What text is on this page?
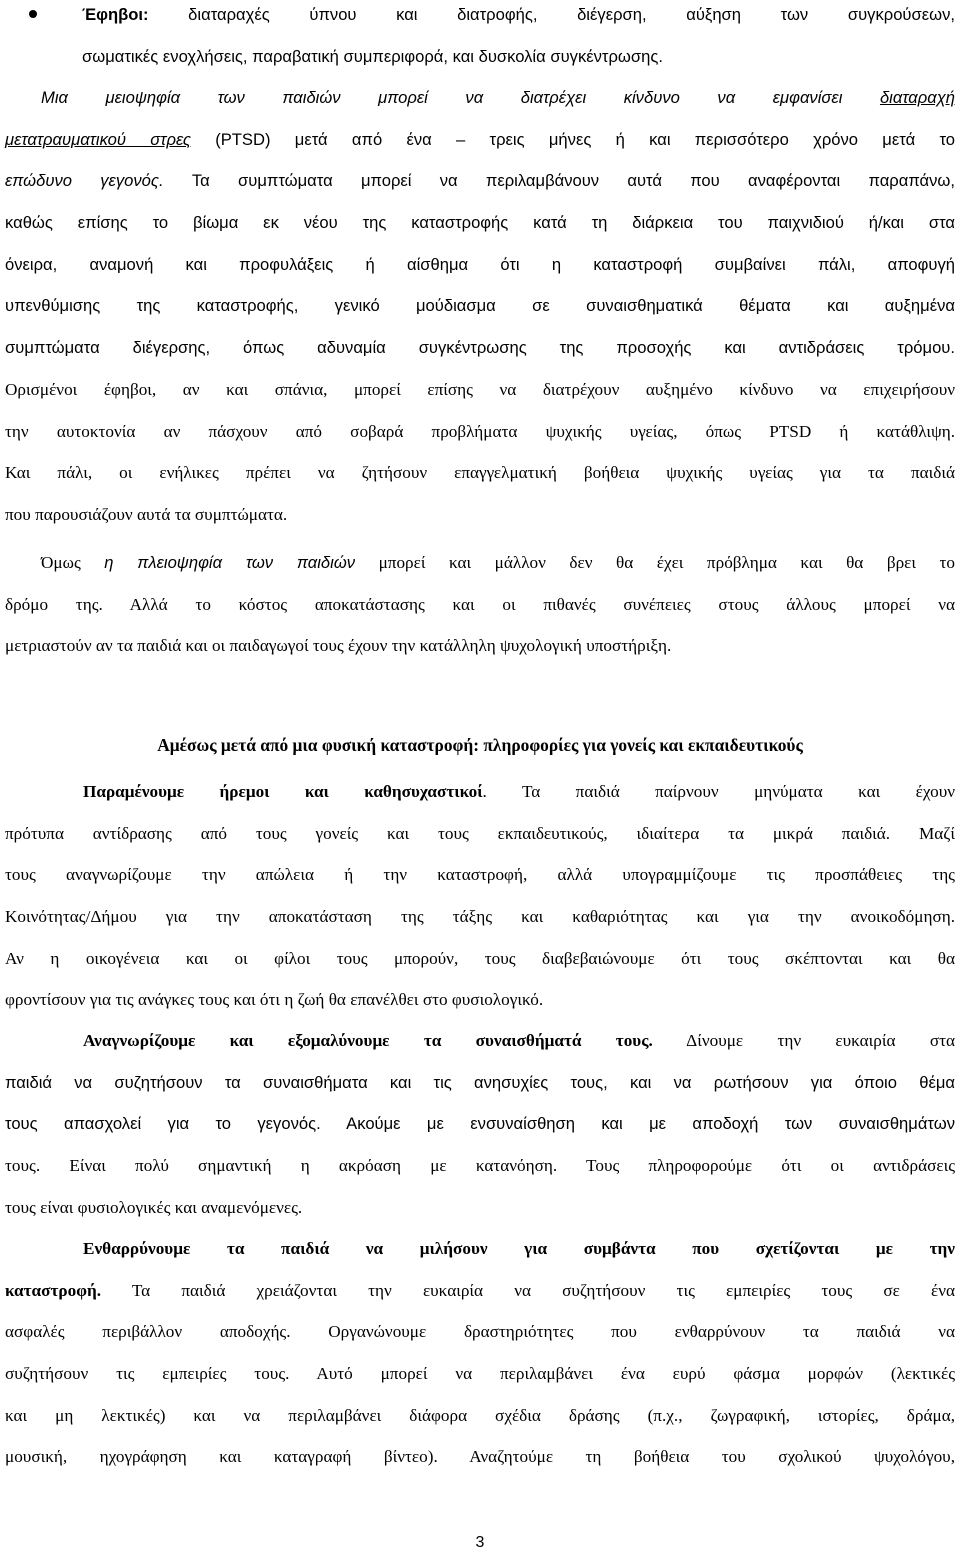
Έφηβοι: διαταραχές ύπνου και διατροφής, διέγερση, αύξηση των συγκρούσεων,
σωματικές ενοχλήσεις, παραβατική συμπεριφορά, και δυσκολία συγκέντρωσης.
Μια μειοψηφία των παιδιών μπορεί να διατρέχει κίνδυνο να εμφανίσει διαταραχή
μετατραυματικού στρες (PTSD) μετά από ένα – τρεις μήνες ή και περισσότερο χρόνο μετά το
επώδυνο γεγονός. Τα συμπτώματα μπορεί να περιλαμβάνουν αυτά που αναφέρονται παραπάνω,
καθώς επίσης το βίωμα εκ νέου της καταστροφής κατά τη διάρκεια του παιχνιδιού ή/και στα
όνειρα, αναμονή και προφυλάξεις ή αίσθημα ότι η καταστροφή συμβαίνει πάλι, αποφυγή
υπενθύμισης της καταστροφής, γενικό μούδιασμα σε συναισθηματικά θέματα και αυξημένα
συμπτώματα διέγερσης, όπως αδυναμία συγκέντρωσης της προσοχής και αντιδράσεις τρόμου.
Ορισμένοι έφηβοι, αν και σπάνια, μπορεί επίσης να διατρέχουν αυξημένο κίνδυνο να επιχειρήσουν
την αυτοκτονία αν πάσχουν από σοβαρά προβλήματα ψυχικής υγείας, όπως PTSD ή κατάθλιψη.
Και πάλι, οι ενήλικες πρέπει να ζητήσουν επαγγελματική βοήθεια ψυχικής υγείας για τα παιδιά
που παρουσιάζουν αυτά τα συμπτώματα.
Όμως η πλειοψηφία των παιδιών μπορεί και μάλλον δεν θα έχει πρόβλημα και θα βρει το
δρόμο της. Αλλά το κόστος αποκατάστασης και οι πιθανές συνέπειες στους άλλους μπορεί να
μετριαστούν αν τα παιδιά και οι παιδαγωγοί τους έχουν την κατάλληλη ψυχολογική υποστήριξη.
Αμέσως μετά από μια φυσική καταστροφή: πληροφορίες για γονείς και εκπαιδευτικούς
Παραμένουμε ήρεμοι και καθησυχαστικοί. Τα παιδιά παίρνουν μηνύματα και έχουν
πρότυπα αντίδρασης από τους γονείς και τους εκπαιδευτικούς, ιδιαίτερα τα μικρά παιδιά. Μαζί
τους αναγνωρίζουμε την απώλεια ή την καταστροφή, αλλά υπογραμμίζουμε τις προσπάθειες της
Κοινότητας/Δήμου για την αποκατάσταση της τάξης και καθαριότητας και για την ανοικοδόμηση.
Αν η οικογένεια και οι φίλοι τους μπορούν, τους διαβεβαιώνουμε ότι τους σκέπτονται και θα
φροντίσουν για τις ανάγκες τους και ότι η ζωή θα επανέλθει στο φυσιολογικό.
Αναγνωρίζουμε και εξομαλύνουμε τα συναισθήματά τους. Δίνουμε την ευκαιρία στα
παιδιά να συζητήσουν τα συναισθήματα και τις ανησυχίες τους, και να ρωτήσουν για όποιο θέμα
τους απασχολεί για το γεγονός. Ακούμε με ενσυναίσθηση και με αποδοχή των συναισθημάτων
τους. Είναι πολύ σημαντική η ακρόαση με κατανόηση. Τους πληροφορούμε ότι οι αντιδράσεις
τους είναι φυσιολογικές και αναμενόμενες.
Ενθαρρύνουμε τα παιδιά να μιλήσουν για συμβάντα που σχετίζονται με την
καταστροφή. Τα παιδιά χρειάζονται την ευκαιρία να συζητήσουν τις εμπειρίες τους σε ένα
ασφαλές περιβάλλον αποδοχής. Οργανώνουμε δραστηριότητες που ενθαρρύνουν τα παιδιά να
συζητήσουν τις εμπειρίες τους. Αυτό μπορεί να περιλαμβάνει ένα ευρύ φάσμα μορφών (λεκτικές
και μη λεκτικές) και να περιλαμβάνει διάφορα σχέδια δράσης (π.χ., ζωγραφική, ιστορίες, δράμα,
μουσική, ηχογράφηση και καταγραφή βίντεο). Αναζητούμε τη βοήθεια του σχολικού ψυχολόγου,
3
